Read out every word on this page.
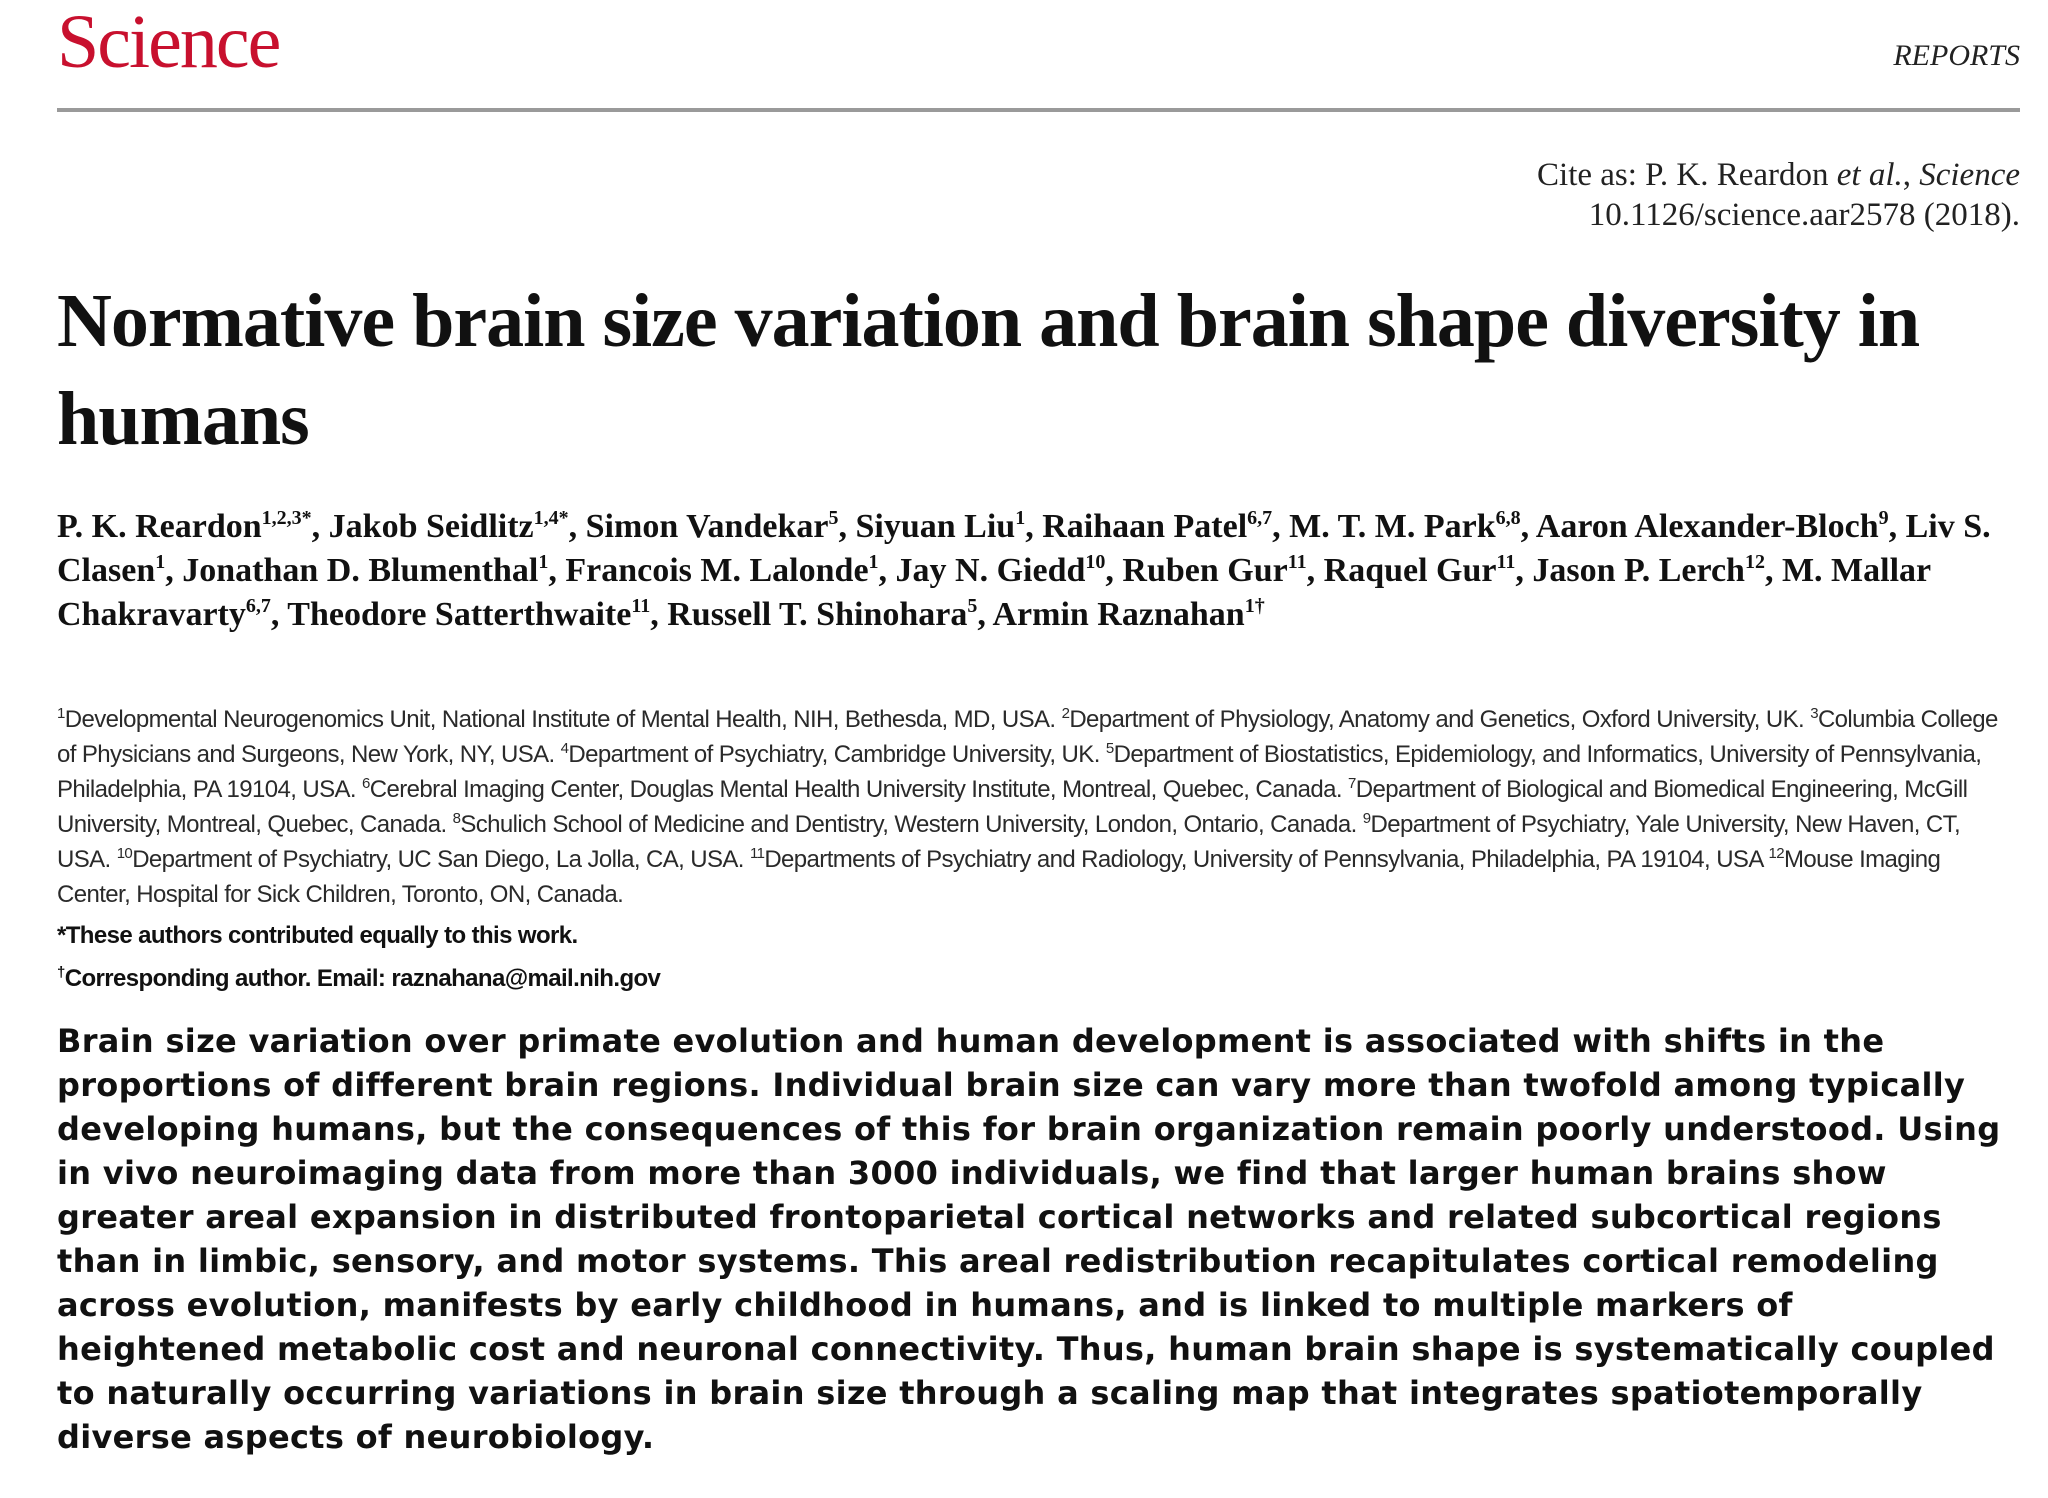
Science	REPORTS
Cite as: P. K. Reardon et al., Science
10.1126/science.aar2578 (2018).
Normative brain size variation and brain shape diversity in humans
P. K. Reardon$^{1,2,3*}$, Jakob Seidlitz$^{1,4*}$, Simon Vandekar$^5$, Siyuan Liu$^1$, Raihaan Patel$^{6,7}$, M. T. M. Park$^{6,8}$, Aaron Alexander-Bloch$^9$, Liv S. Clasen$^1$, Jonathan D. Blumenthal$^1$, Francois M. Lalonde$^1$, Jay N. Giedd$^{10}$, Ruben Gur$^{11}$, Raquel Gur$^{11}$, Jason P. Lerch$^{12}$, M. Mallar Chakravarty$^{6,7}$, Theodore Satterthwaite$^{11}$, Russell T. Shinohara$^5$, Armin Raznahan$^{1\dagger}$
$^1$Developmental Neurogenomics Unit, National Institute of Mental Health, NIH, Bethesda, MD, USA. $^2$Department of Physiology, Anatomy and Genetics, Oxford University, UK. $^3$Columbia College of Physicians and Surgeons, New York, NY, USA. $^4$Department of Psychiatry, Cambridge University, UK. $^5$Department of Biostatistics, Epidemiology, and Informatics, University of Pennsylvania, Philadelphia, PA 19104, USA. $^6$Cerebral Imaging Center, Douglas Mental Health University Institute, Montreal, Quebec, Canada. $^7$Department of Biological and Biomedical Engineering, McGill University, Montreal, Quebec, Canada. $^8$Schulich School of Medicine and Dentistry, Western University, London, Ontario, Canada. $^9$Department of Psychiatry, Yale University, New Haven, CT, USA. $^{10}$Department of Psychiatry, UC San Diego, La Jolla, CA, USA. $^{11}$Departments of Psychiatry and Radiology, University of Pennsylvania, Philadelphia, PA 19104, USA $^{12}$Mouse Imaging Center, Hospital for Sick Children, Toronto, ON, Canada.
*These authors contributed equally to this work.
†Corresponding author. Email: raznahana@mail.nih.gov

Brain size variation over primate evolution and human development is associated with shifts in the proportions of different brain regions. Individual brain size can vary more than twofold among typically developing humans, but the consequences of this for brain organization remain poorly understood. Using in vivo neuroimaging data from more than 3000 individuals, we find that larger human brains show greater areal expansion in distributed frontoparietal cortical networks and related subcortical regions than in limbic, sensory, and motor systems. This areal redistribution recapitulates cortical remodeling across evolution, manifests by early childhood in humans, and is linked to multiple markers of heightened metabolic cost and neuronal connectivity. Thus, human brain shape is systematically coupled to naturally occurring variations in brain size through a scaling map that integrates spatiotemporally diverse aspects of neurobiology.
